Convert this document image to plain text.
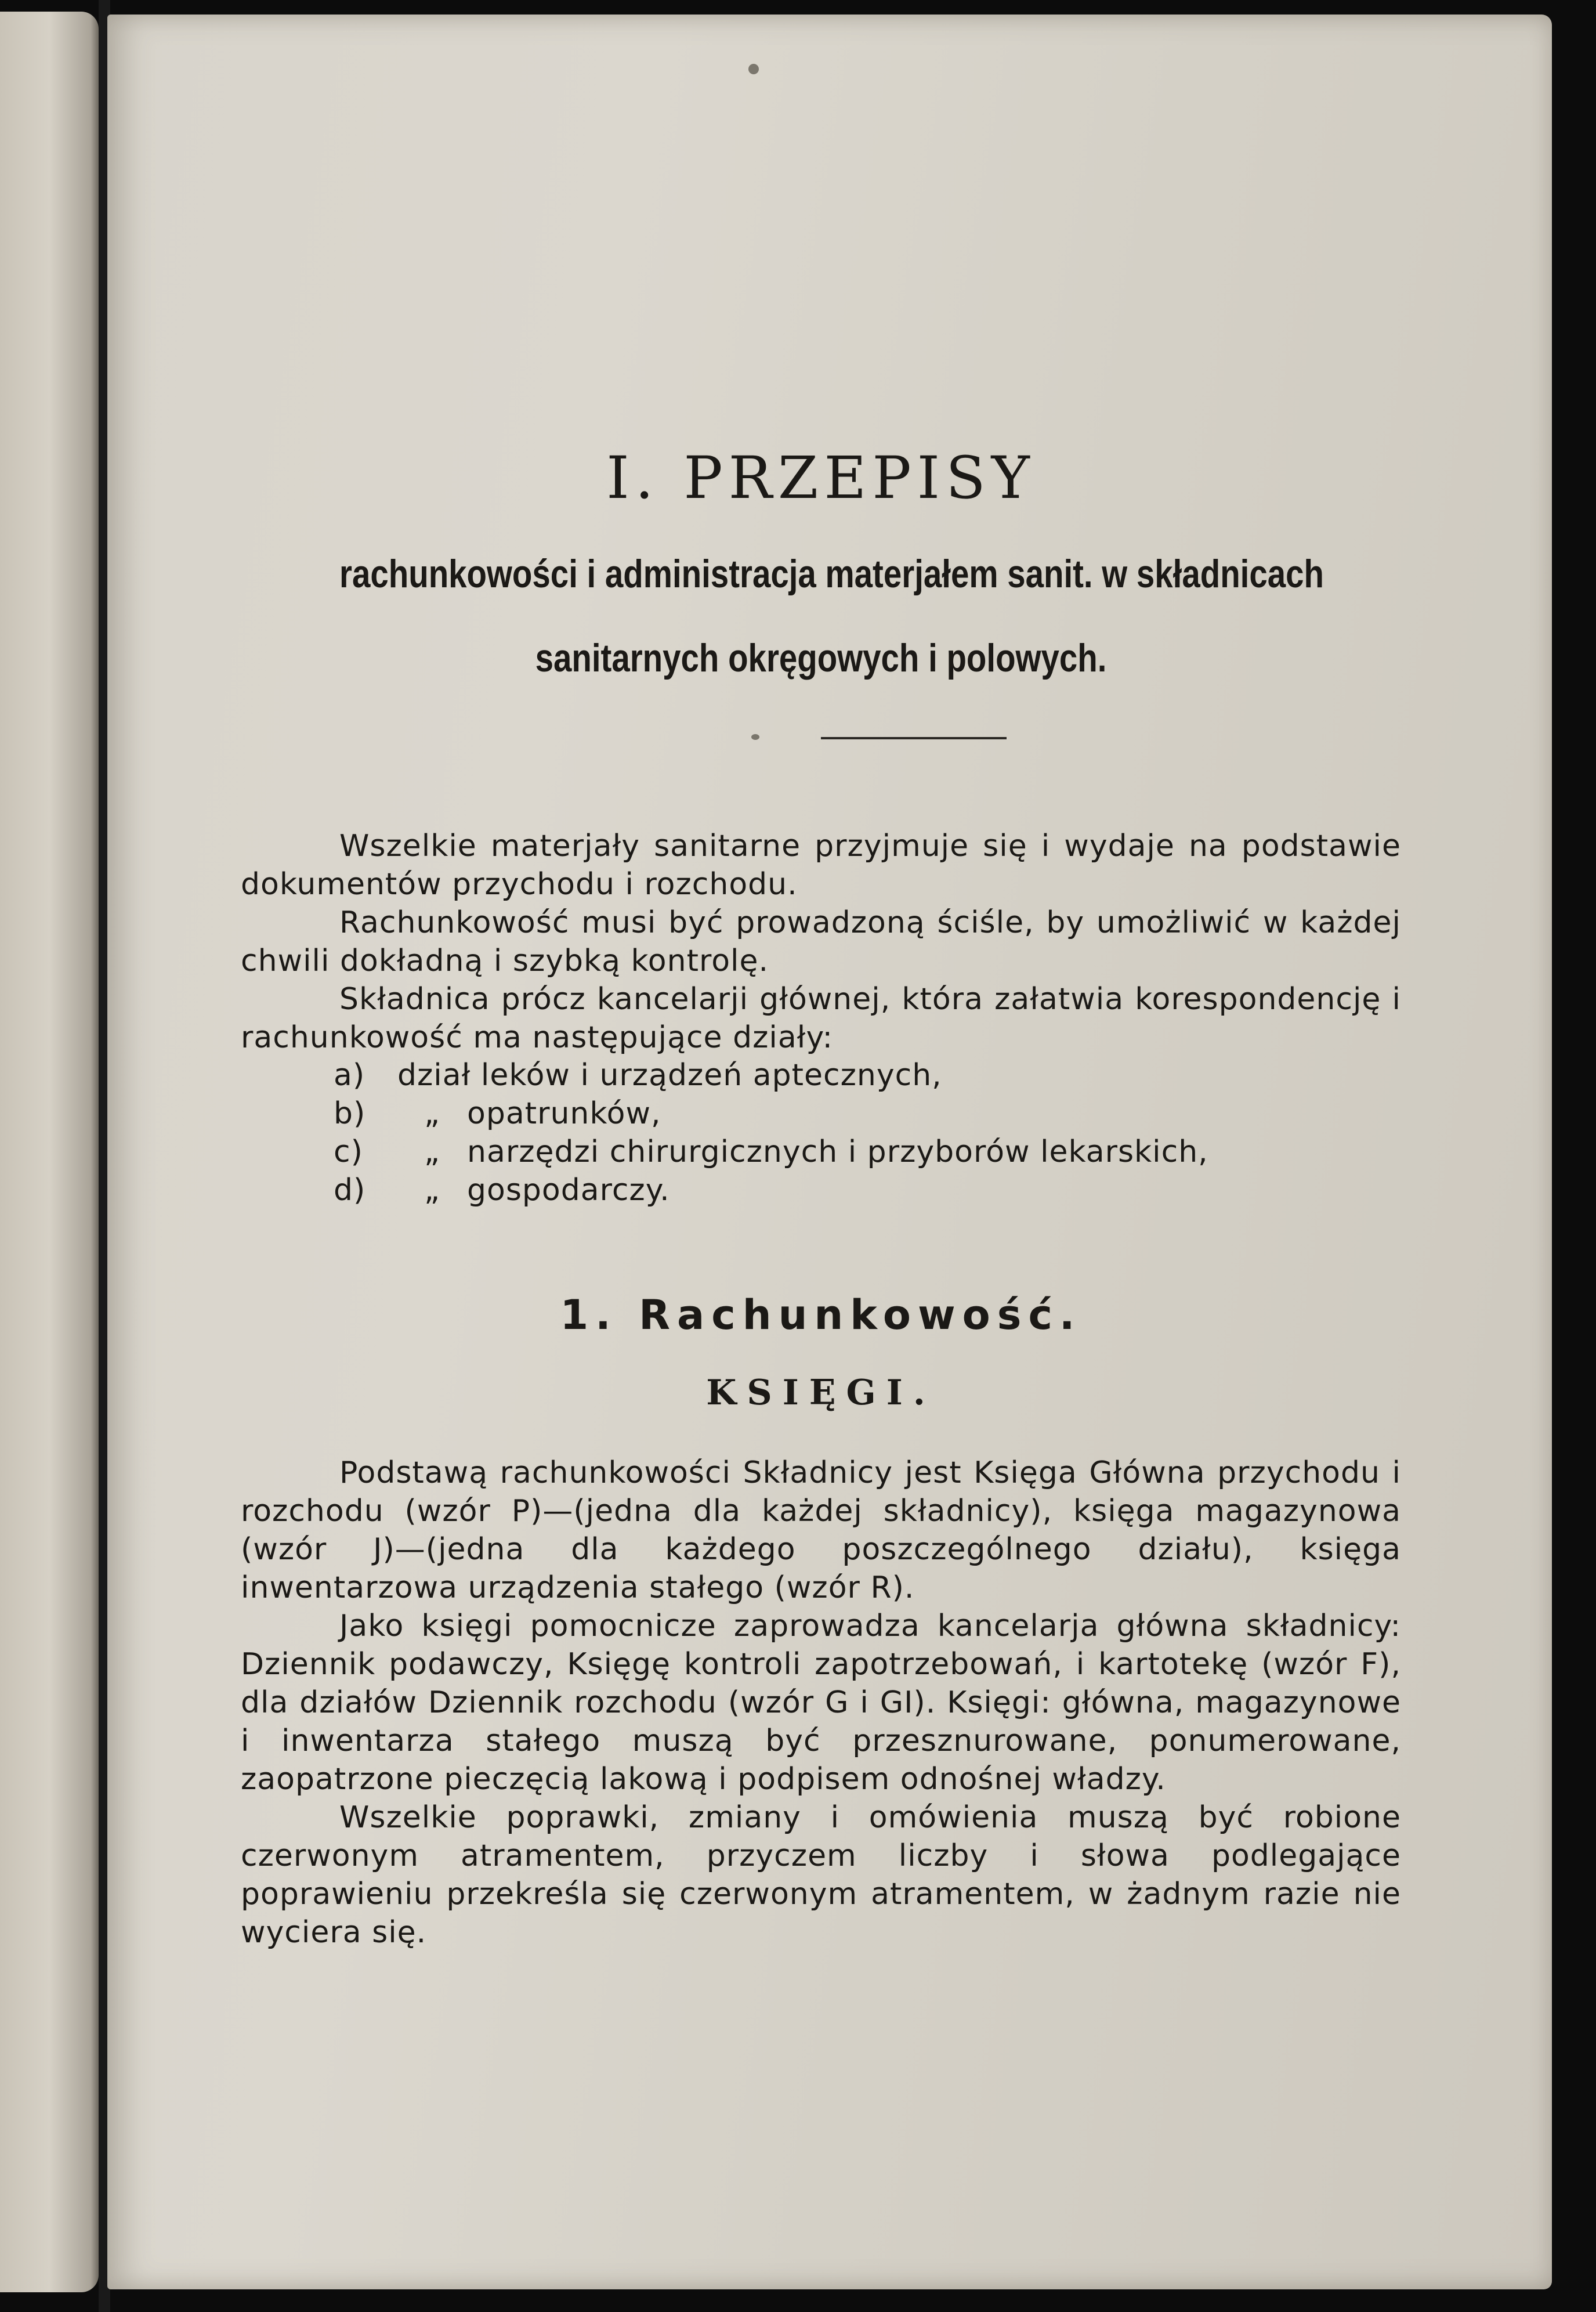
I. PRZEPISY
rachunkowości i administracja materjałem sanit. w składnicach
sanitarnych okręgowych i polowych.

Wszelkie materjały sanitarne przyjmuje się i wydaje na podstawie dokumentów przychodu i rozchodu.

Rachunkowość musi być prowadzoną ściśle, by umożliwić w każdej chwili dokładną i szybką kontrolę.

Składnica prócz kancelarji głównej, która załatwia korespondencję i rachunkowość ma następujące działy:

a)	dział leków i urządzeń aptecznych,
b)	„ opatrunków,
c)	„ narzędzi chirurgicznych i przyborów lekarskich,
d)	„ gospodarczy.
1. Rachunkowość.
KSIĘGI.

Podstawą rachunkowości Składnicy jest Księga Główna przychodu i rozchodu (wzór P)—(jedna dla każdej składnicy), księga magazynowa (wzór J)—(jedna dla każdego poszczególnego działu), księga inwentarzowa urządzenia stałego (wzór R).

Jako księgi pomocnicze zaprowadza kancelarja główna składnicy: Dziennik podawczy, Księgę kontroli zapotrzebowań, i kartotekę (wzór F), dla działów Dziennik rozchodu (wzór G i GI). Księgi: główna, magazynowe i inwentarza stałego muszą być przesznurowane, ponumerowane, zaopatrzone pieczęcią lakową i podpisem odnośnej władzy.

Wszelkie poprawki, zmiany i omówienia muszą być robione czerwonym atramentem, przyczem liczby i słowa podlegające poprawieniu przekreśla się czerwonym atramentem, w żadnym razie nie wyciera się.
